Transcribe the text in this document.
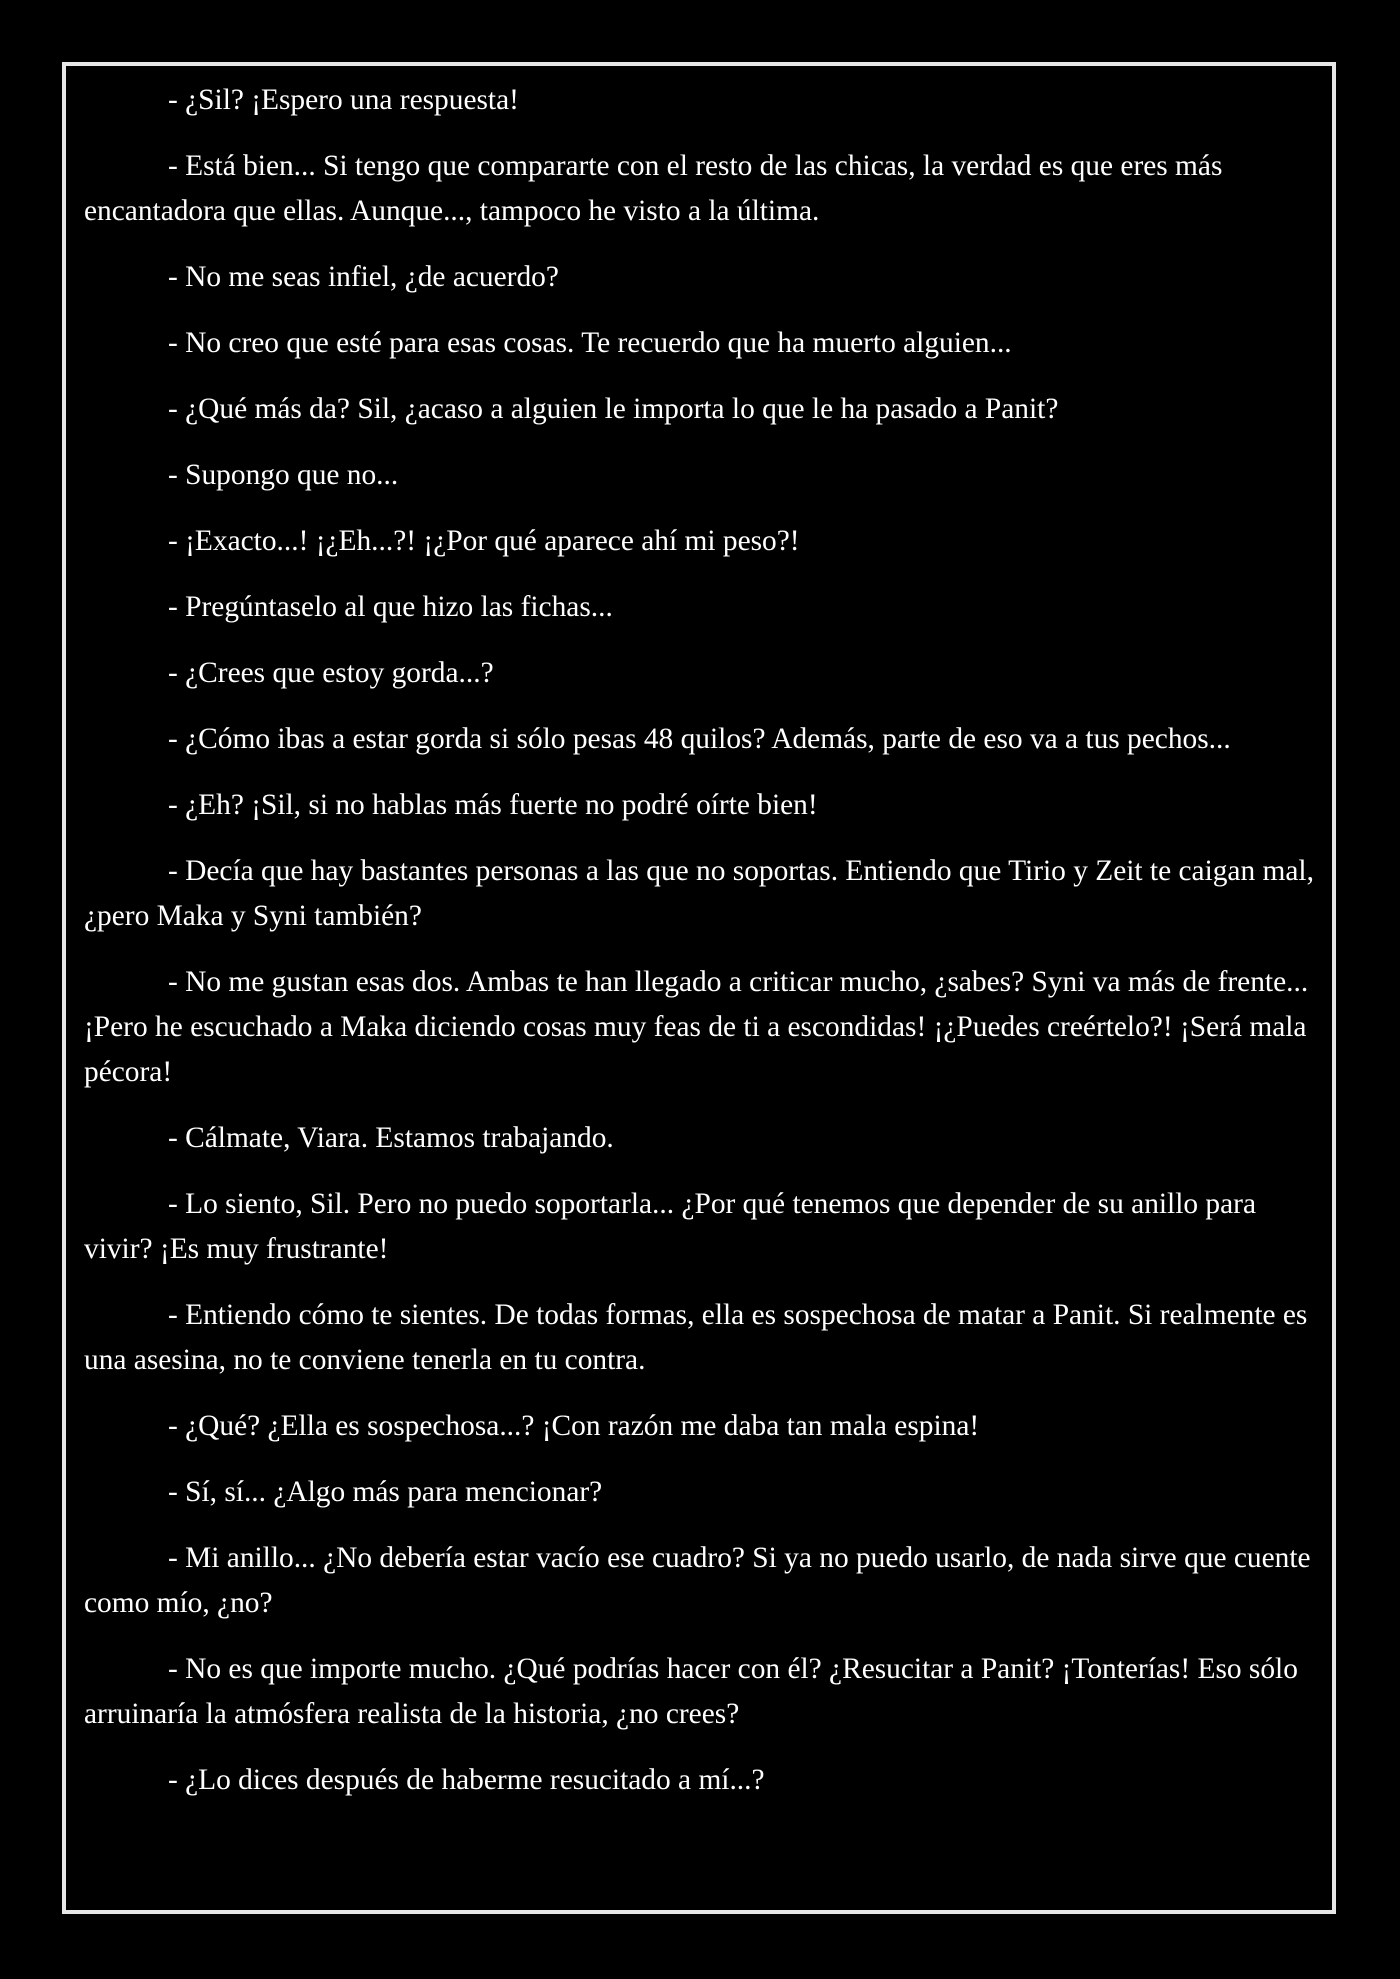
- ¿Sil? ¡Espero una respuesta!

- Está bien... Si tengo que compararte con el resto de las chicas, la verdad es que eres más encantadora que ellas. Aunque..., tampoco he visto a la última.

- No me seas infiel, ¿de acuerdo?

- No creo que esté para esas cosas. Te recuerdo que ha muerto alguien...

- ¿Qué más da? Sil, ¿acaso a alguien le importa lo que le ha pasado a Panit?

- Supongo que no...

- ¡Exacto...! ¡¿Eh...?! ¡¿Por qué aparece ahí mi peso?!

- Pregúntaselo al que hizo las fichas...

- ¿Crees que estoy gorda...?

- ¿Cómo ibas a estar gorda si sólo pesas 48 quilos? Además, parte de eso va a tus pechos...

- ¿Eh? ¡Sil, si no hablas más fuerte no podré oírte bien!

- Decía que hay bastantes personas a las que no soportas. Entiendo que Tirio y Zeit te caigan mal, ¿pero Maka y Syni también?

- No me gustan esas dos. Ambas te han llegado a criticar mucho, ¿sabes? Syni va más de frente... ¡Pero he escuchado a Maka diciendo cosas muy feas de ti a escondidas! ¡¿Puedes creértelo?! ¡Será mala pécora!

- Cálmate, Viara. Estamos trabajando.

- Lo siento, Sil. Pero no puedo soportarla... ¿Por qué tenemos que depender de su anillo para vivir? ¡Es muy frustrante!

- Entiendo cómo te sientes. De todas formas, ella es sospechosa de matar a Panit. Si realmente es una asesina, no te conviene tenerla en tu contra.

- ¿Qué? ¿Ella es sospechosa...? ¡Con razón me daba tan mala espina!

- Sí, sí... ¿Algo más para mencionar?

- Mi anillo... ¿No debería estar vacío ese cuadro? Si ya no puedo usarlo, de nada sirve que cuente como mío, ¿no?

- No es que importe mucho. ¿Qué podrías hacer con él? ¿Resucitar a Panit? ¡Tonterías! Eso sólo arruinaría la atmósfera realista de la historia, ¿no crees?

- ¿Lo dices después de haberme resucitado a mí...?
